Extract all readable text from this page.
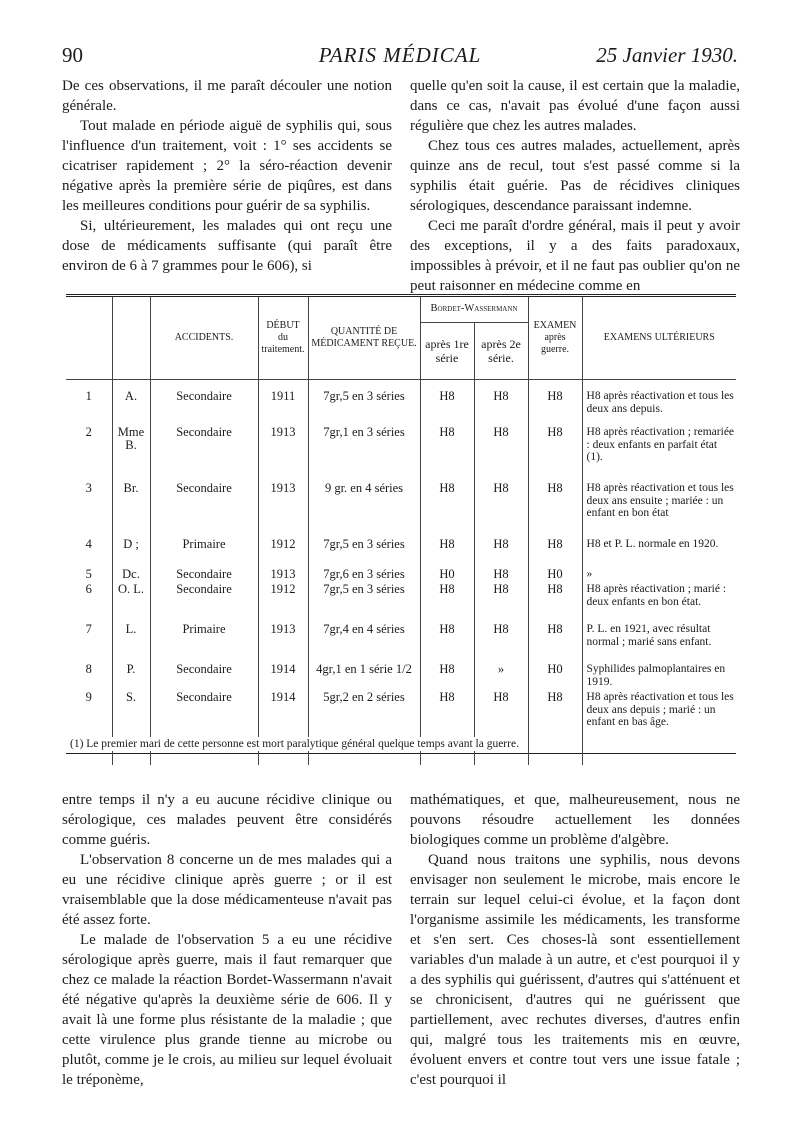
PARIS MÉDICAL
90	25 Janvier 1930.

De ces observations, il me paraît découler une notion générale.

Tout malade en période aiguë de syphilis qui, sous l'influence d'un traitement, voit : 1° ses accidents se cicatriser rapidement ; 2° la séro-réaction devenir négative après la première série de piqûres, est dans les meilleures conditions pour guérir de sa syphilis.

Si, ultérieurement, les malades qui ont reçu une dose de médicaments suffisante (qui paraît être environ de 6 à 7 grammes pour le 606), si

quelle qu'en soit la cause, il est certain que la maladie, dans ce cas, n'avait pas évolué d'une façon aussi régulière que chez les autres malades.

Chez tous ces autres malades, actuellement, après quinze ans de recul, tout s'est passé comme si la syphilis était guérie. Pas de récidives cliniques sérologiques, descendance paraissant indemne.

Ceci me paraît d'ordre général, mais il peut y avoir des exceptions, il y a des faits paradoxaux, impossibles à prévoir, et il ne faut pas oublier qu'on ne peut raisonner en médecine comme en

		ACCIDENTS.	DÉBUT du traitement.	QUANTITÉ DE MÉDICAMENT REÇUE.	Bordet-Wassermann		EXAMEN après guerre.	EXAMENS ULTÉRIEURS
					après 1re série	après 2e série.		

1	A.	Secondaire	1911	7gr,5 en 3 séries	H8	H8	H8	H8 après réactivation et tous les deux ans depuis.
2	Mme B.	Secondaire	1913	7gr,1 en 3 séries	H8	H8	H8	H8 après réactivation ; remariée : deux enfants en parfait état (1).
3	Br.	Secondaire	1913	9 gr. en 4 séries	H8	H8	H8	H8 après réactivation et tous les deux ans ensuite ; mariée : un enfant en bon état
4	D ;	Primaire	1912	7gr,5 en 3 séries	H8	H8	H8	H8 et P. L. normale en 1920.
5	Dc.	Secondaire	1913	7gr,6 en 3 séries	H0	H8	H0	»
6	O. L.	Secondaire	1912	7gr,5 en 3 séries	H8	H8	H8	H8 après réactivation ; marié : deux enfants en bon état.
7	L.	Primaire	1913	7gr,4 en 4 séries	H8	H8	H8	P. L. en 1921, avec résultat normal ; marié sans enfant.
8	P.	Secondaire	1914	4gr,1 en 1 série 1/2	H8	»	H0	Syphilides palmoplantaires en 1919.
9	S.	Secondaire	1914	5gr,2 en 2 séries	H8	H8	H8	H8 après réactivation et tous les deux ans depuis ; marié : un enfant en bas âge.
(1) Le premier mari de cette personne est mort paralytique général quelque temps avant la guerre.

entre temps il n'y a eu aucune récidive clinique ou sérologique, ces malades peuvent être considérés comme guéris.

L'observation 8 concerne un de mes malades qui a eu une récidive clinique après guerre ; or il est vraisemblable que la dose médicamenteuse n'avait pas été assez forte.

Le malade de l'observation 5 a eu une récidive sérologique après guerre, mais il faut remarquer que chez ce malade la réaction Bordet-Wassermann n'avait été négative qu'après la deuxième série de 606. Il y avait là une forme plus résistante de la maladie ; que cette virulence plus grande tienne au microbe ou plutôt, comme je le crois, au milieu sur lequel évoluait le tréponème,

mathématiques, et que, malheureusement, nous ne pouvons résoudre actuellement les données biologiques comme un problème d'algèbre.

Quand nous traitons une syphilis, nous devons envisager non seulement le microbe, mais encore le terrain sur lequel celui-ci évolue, et la façon dont l'organisme assimile les médicaments, les transforme et s'en sert. Ces choses-là sont essentiellement variables d'un malade à un autre, et c'est pourquoi il y a des syphilis qui guérissent, d'autres qui s'atténuent et se chronicisent, d'autres qui ne guérissent que partiellement, avec rechutes diverses, d'autres enfin qui, malgré tous les traitements mis en œuvre, évoluent envers et contre tout vers une issue fatale ; c'est pourquoi il
